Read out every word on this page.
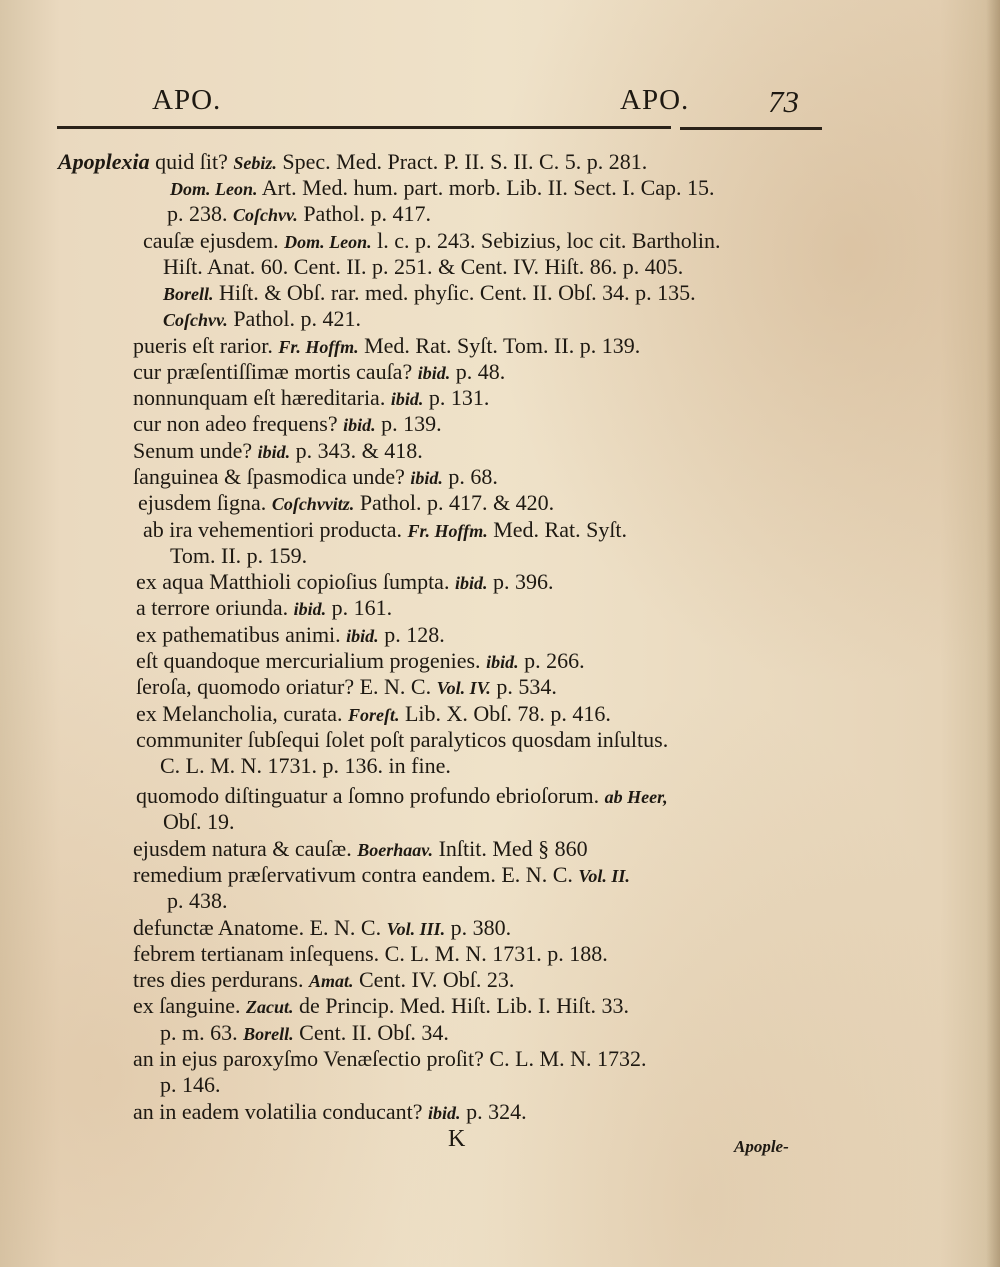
APO.	APO.	73
Apoplexia quid ſit? Sebiz. Spec. Med. Pract. P. II. S. II. C. 5. p. 281.
Dom. Leon. Art. Med. hum. part. morb. Lib. II. Sect. I. Cap. 15.
p. 238. Coſchvv. Pathol. p. 417.
cauſæ ejusdem. Dom. Leon. l. c. p. 243. Sebizius, loc cit. Bartholin.
Hiſt. Anat. 60. Cent. II. p. 251. & Cent. IV. Hiſt. 86. p. 405.
Borell. Hiſt. & Obſ. rar. med. phyſic. Cent. II. Obſ. 34. p. 135.
Coſchvv. Pathol. p. 421.
pueris eſt rarior. Fr. Hoffm. Med. Rat. Syſt. Tom. II. p. 139.
cur præſentiſſimæ mortis cauſa? ibid. p. 48.
nonnunquam eſt hæreditaria. ibid. p. 131.
cur non adeo frequens? ibid. p. 139.
Senum unde? ibid. p. 343. & 418.
ſanguinea & ſpasmodica unde? ibid. p. 68.
ejusdem ſigna. Coſchvvitz. Pathol. p. 417. & 420.
ab ira vehementiori producta. Fr. Hoffm. Med. Rat. Syſt.
Tom. II. p. 159.
ex aqua Matthioli copioſius ſumpta. ibid. p. 396.
a terrore oriunda. ibid. p. 161.
ex pathematibus animi. ibid. p. 128.
eſt quandoque mercurialium progenies. ibid. p. 266.
ſeroſa, quomodo oriatur? E. N. C. Vol. IV. p. 534.
ex Melancholia, curata. Foreſt. Lib. X. Obſ. 78. p. 416.
communiter ſubſequi ſolet poſt paralyticos quosdam inſultus.
C. L. M. N. 1731. p. 136. in fine.
quomodo diſtinguatur a ſomno profundo ebrioſorum. ab Heer,
Obſ. 19.
ejusdem natura & cauſæ. Boerhaav. Inſtit. Med § 860
remedium præſervativum contra eandem. E. N. C. Vol. II.
p. 438.
defunctæ Anatome. E. N. C. Vol. III. p. 380.
febrem tertianam inſequens. C. L. M. N. 1731. p. 188.
tres dies perdurans. Amat. Cent. IV. Obſ. 23.
ex ſanguine. Zacut. de Princip. Med. Hiſt. Lib. I. Hiſt. 33.
p. m. 63. Borell. Cent. II. Obſ. 34.
an in ejus paroxyſmo Venæſectio proſit? C. L. M. N. 1732.
p. 146.
an in eadem volatilia conducant? ibid. p. 324.
K	Apople-
